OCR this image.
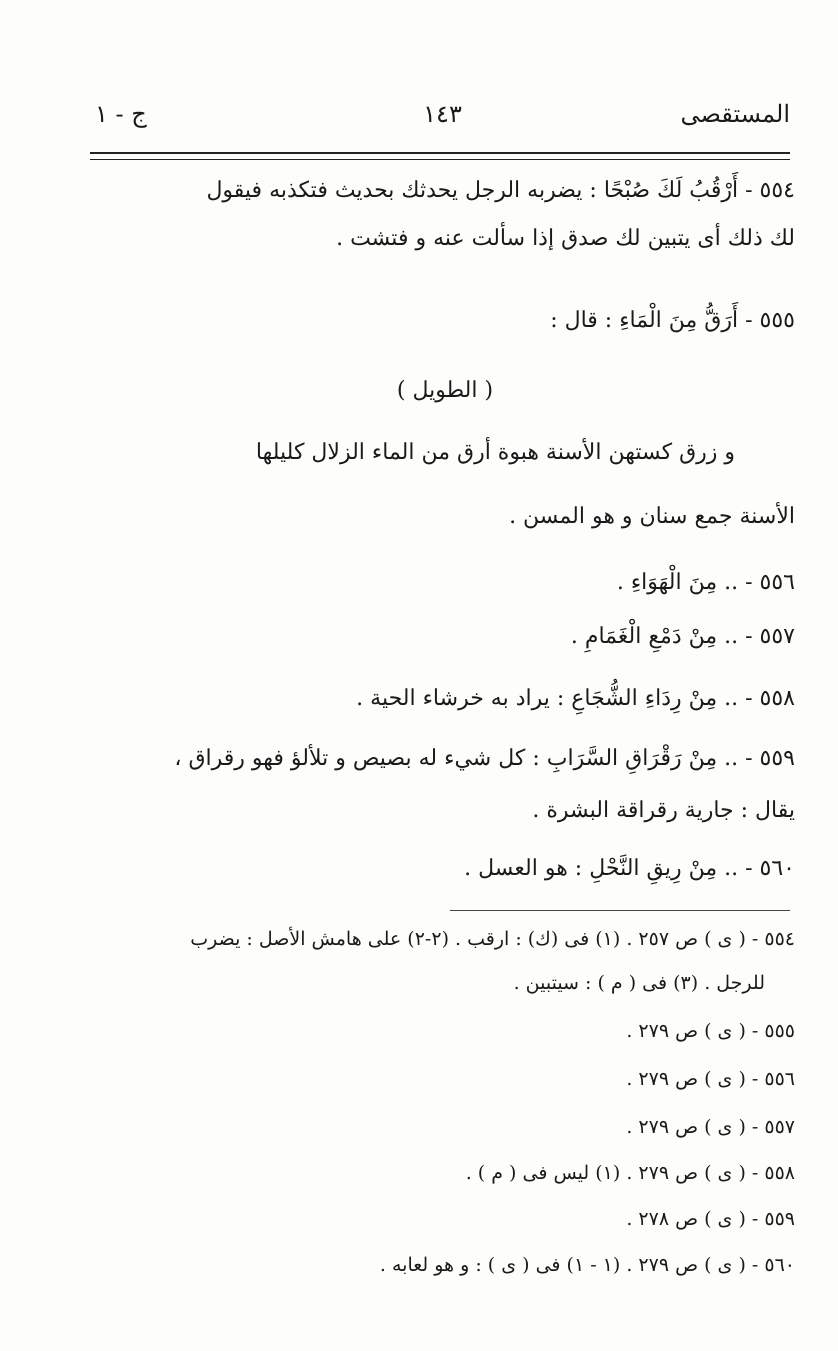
المستقصى
١٤٣
ج - ١
٥٥٤ - أَرْقُبُ لَكَ صُبْحًا : يضربه الرجل يحدثك بحديث فتكذبه فيقول
لك ذلك أى يتبين لك صدق إذا سألت عنه و فتشت .
٥٥٥ - أَرَقُّ مِنَ الْمَاءِ : قال :
( الطويل )
و زرق كستهن الأسنة هبوة أرق من الماء الزلال كليلها
الأسنة جمع سنان و هو المسن .
٥٥٦ - .. مِنَ الْهَوَاءِ .
٥٥٧ - .. مِنْ دَمْعِ الْغَمَامِ .
٥٥٨ - .. مِنْ رِدَاءِ الشُّجَاعِ : يراد به خرشاء الحية .
٥٥٩ - .. مِنْ رَقْرَاقِ السَّرَابِ : كل شيء له بصيص و تلألؤ فهو رقراق ،
يقال : جارية رقراقة البشرة .
٥٦٠ - .. مِنْ رِيقِ النَّحْلِ : هو العسل .
٥٥٤ - ( ى ) ص ٢٥٧ . (١) فى (ك) : ارقب . (٢-٢) على هامش الأصل : يضرب
للرجل . (٣) فى ( م ) : سيتبين .
٥٥٥ - ( ى ) ص ٢٧٩ .
٥٥٦ - ( ى ) ص ٢٧٩ .
٥٥٧ - ( ى ) ص ٢٧٩ .
٥٥٨ - ( ى ) ص ٢٧٩ . (١) ليس فى ( م ) .
٥٥٩ - ( ى ) ص ٢٧٨ .
٥٦٠ - ( ى ) ص ٢٧٩ . (١ - ١) فى ( ى ) : و هو لعابه .
